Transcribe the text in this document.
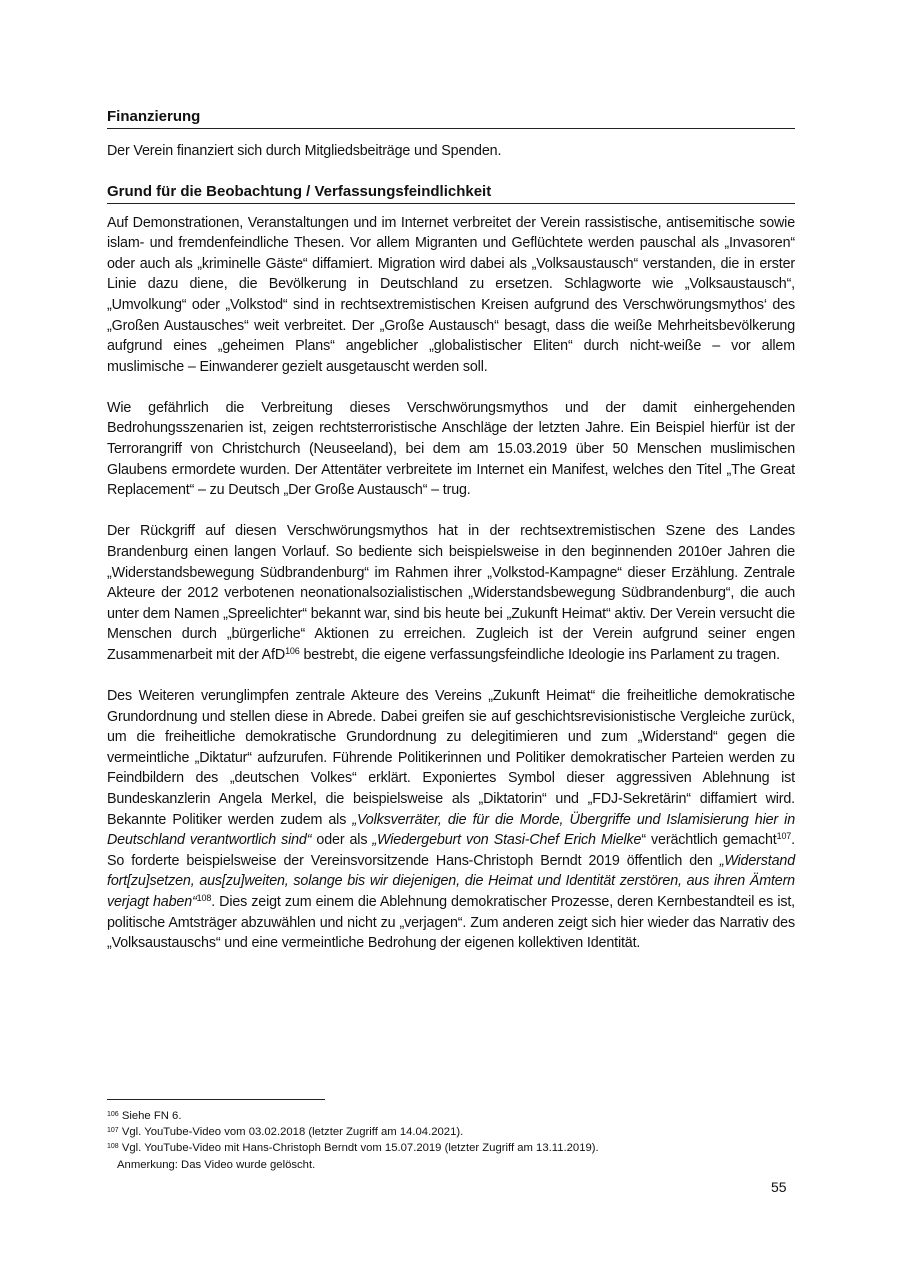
Finanzierung

Der Verein finanziert sich durch Mitgliedsbeiträge und Spenden.

Grund für die Beobachtung / Verfassungsfeindlichkeit

Auf Demonstrationen, Veranstaltungen und im Internet verbreitet der Verein rassistische, antisemitische sowie islam- und fremdenfeindliche Thesen. Vor allem Migranten und Geflüchtete werden pauschal als „Invasoren“ oder auch als „kriminelle Gäste“ diffamiert. Migration wird dabei als „Volksaustausch“ verstanden, die in erster Linie dazu diene, die Bevölkerung in Deutschland zu ersetzen. Schlagworte wie „Volksaustausch“, „Umvolkung“ oder „Volkstod“ sind in rechtsextremistischen Kreisen aufgrund des Verschwörungsmythos‘ des „Großen Austausches“ weit verbreitet. Der „Große Austausch“ besagt, dass die weiße Mehrheitsbevölkerung aufgrund eines „geheimen Plans“ angeblicher „globalistischer Eliten“ durch nicht-weiße – vor allem muslimische – Einwanderer gezielt ausgetauscht werden soll.

Wie gefährlich die Verbreitung dieses Verschwörungsmythos und der damit einhergehenden Bedrohungsszenarien ist, zeigen rechtsterroristische Anschläge der letzten Jahre. Ein Beispiel hierfür ist der Terrorangriff von Christchurch (Neuseeland), bei dem am 15.03.2019 über 50 Menschen muslimischen Glaubens ermordete wurden. Der Attentäter verbreitete im Internet ein Manifest, welches den Titel „The Great Replacement“ – zu Deutsch „Der Große Austausch“ – trug.

Der Rückgriff auf diesen Verschwörungsmythos hat in der rechtsextremistischen Szene des Landes Brandenburg einen langen Vorlauf. So bediente sich beispielsweise in den beginnenden 2010er Jahren die „Widerstandsbewegung Südbrandenburg“ im Rahmen ihrer „Volkstod-Kampagne“ dieser Erzählung. Zentrale Akteure der 2012 verbotenen neonationalsozialistischen „Widerstandsbewegung Südbrandenburg“, die auch unter dem Namen „Spreelichter“ bekannt war, sind bis heute bei „Zukunft Heimat“ aktiv. Der Verein versucht die Menschen durch „bürgerliche“ Aktionen zu erreichen. Zugleich ist der Verein aufgrund seiner engen Zusammenarbeit mit der AfD$^{106}$ bestrebt, die eigene verfassungsfeindliche Ideologie ins Parlament zu tragen.

Des Weiteren verunglimpfen zentrale Akteure des Vereins „Zukunft Heimat“ die freiheitliche demokratische Grundordnung und stellen diese in Abrede. Dabei greifen sie auf geschichtsrevisionistische Vergleiche zurück, um die freiheitliche demokratische Grundordnung zu delegitimieren und zum „Widerstand“ gegen die vermeintliche „Diktatur“ aufzurufen. Führende Politikerinnen und Politiker demokratischer Parteien werden zu Feindbildern des „deutschen Volkes“ erklärt. Exponiertes Symbol dieser aggressiven Ablehnung ist Bundeskanzlerin Angela Merkel, die beispielsweise als „Diktatorin“ und „FDJ-Sekretärin“ diffamiert wird. Bekannte Politiker werden zudem als „Volksverräter, die für die Morde, Übergriffe und Islamisierung hier in Deutschland verantwortlich sind“ oder als „Wiedergeburt von Stasi-Chef Erich Mielke“ verächtlich gemacht$^{107}$. So forderte beispielsweise der Vereinsvorsitzende Hans-Christoph Berndt 2019 öffentlich den „Widerstand fort[zu]setzen, aus[zu]weiten, solange bis wir diejenigen, die Heimat und Identität zerstören, aus ihren Ämtern verjagt haben“$^{108}$. Dies zeigt zum einem die Ablehnung demokratischer Prozesse, deren Kernbestandteil es ist, politische Amtsträger abzuwählen und nicht zu „verjagen“. Zum anderen zeigt sich hier wieder das Narrativ des „Volksaustauschs“ und eine vermeintliche Bedrohung der eigenen kollektiven Identität.

$^{106}$ Siehe FN 6.
$^{107}$ Vgl. YouTube-Video vom 03.02.2018 (letzter Zugriff am 14.04.2021).
$^{108}$ Vgl. YouTube-Video mit Hans-Christoph Berndt vom 15.07.2019 (letzter Zugriff am 13.11.2019).
Anmerkung: Das Video wurde gelöscht.
55
